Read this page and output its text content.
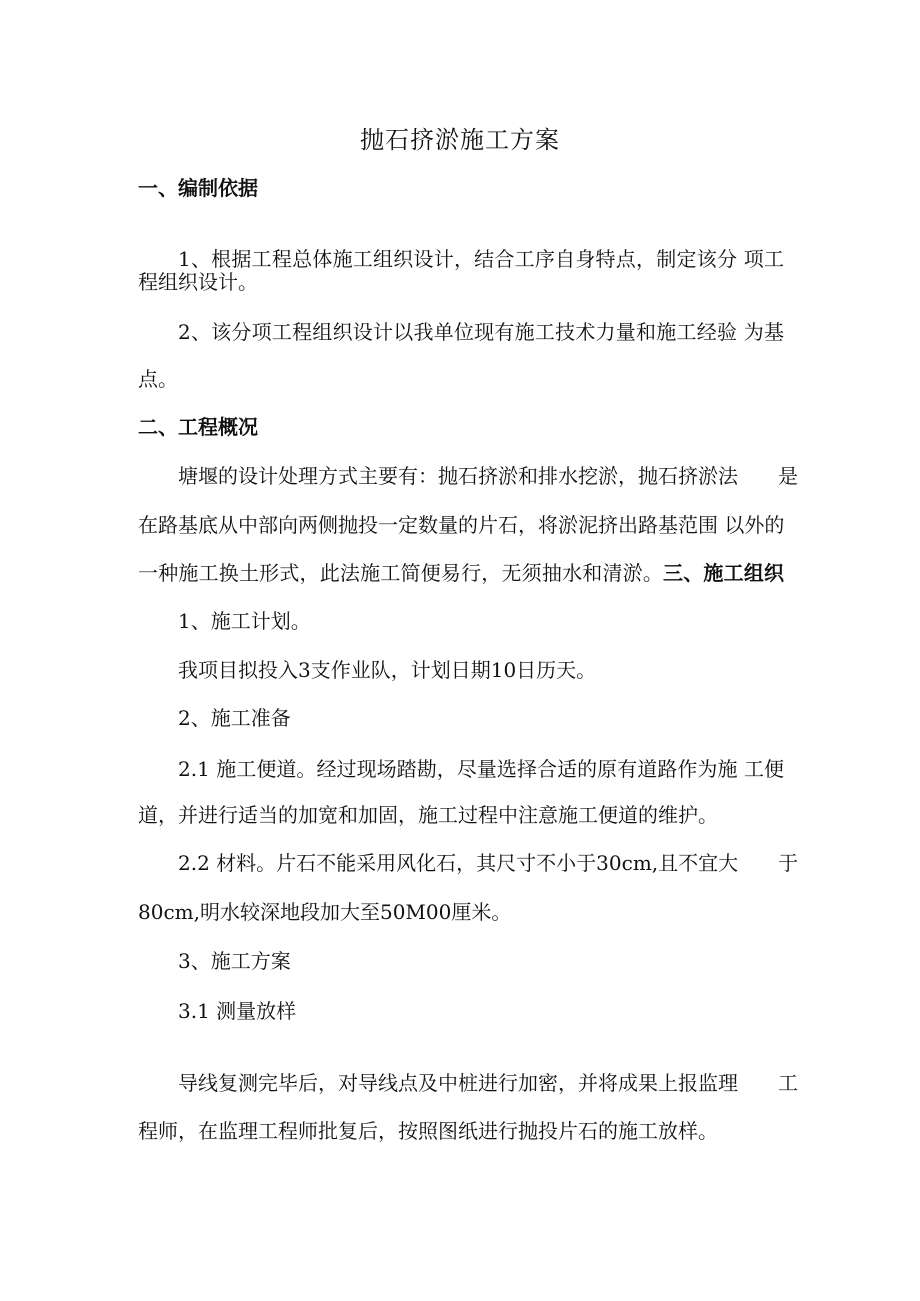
抛石挤淤施工方案
一、编制依据
1、根据工程总体施工组织设计，结合工序自身特点，制定该分 项工
程组织设计。
2、该分项工程组织设计以我单位现有施工技术力量和施工经验 为基
点。
二、工程概况
塘堰的设计处理方式主要有：抛石挤淤和排水挖淤，抛石挤淤法　　是
在路基底从中部向两侧抛投一定数量的片石，将淤泥挤出路基范围 以外的
一种施工换土形式，此法施工简便易行，无须抽水和清淤。三、施工组织
1、施工计划。
我项目拟投入3支作业队，计划日期10日历天。
2、施工准备
2.1 施工便道。经过现场踏勘，尽量选择合适的原有道路作为施 工便
道，并进行适当的加宽和加固，施工过程中注意施工便道的维护。
2.2 材料。片石不能采用风化石，其尺寸不小于30cm,且不宜大　　于
80cm,明水较深地段加大至50M00厘米。
3、施工方案
3.1 测量放样
导线复测完毕后，对导线点及中桩进行加密，并将成果上报监理　　工
程师，在监理工程师批复后，按照图纸进行抛投片石的施工放样。
